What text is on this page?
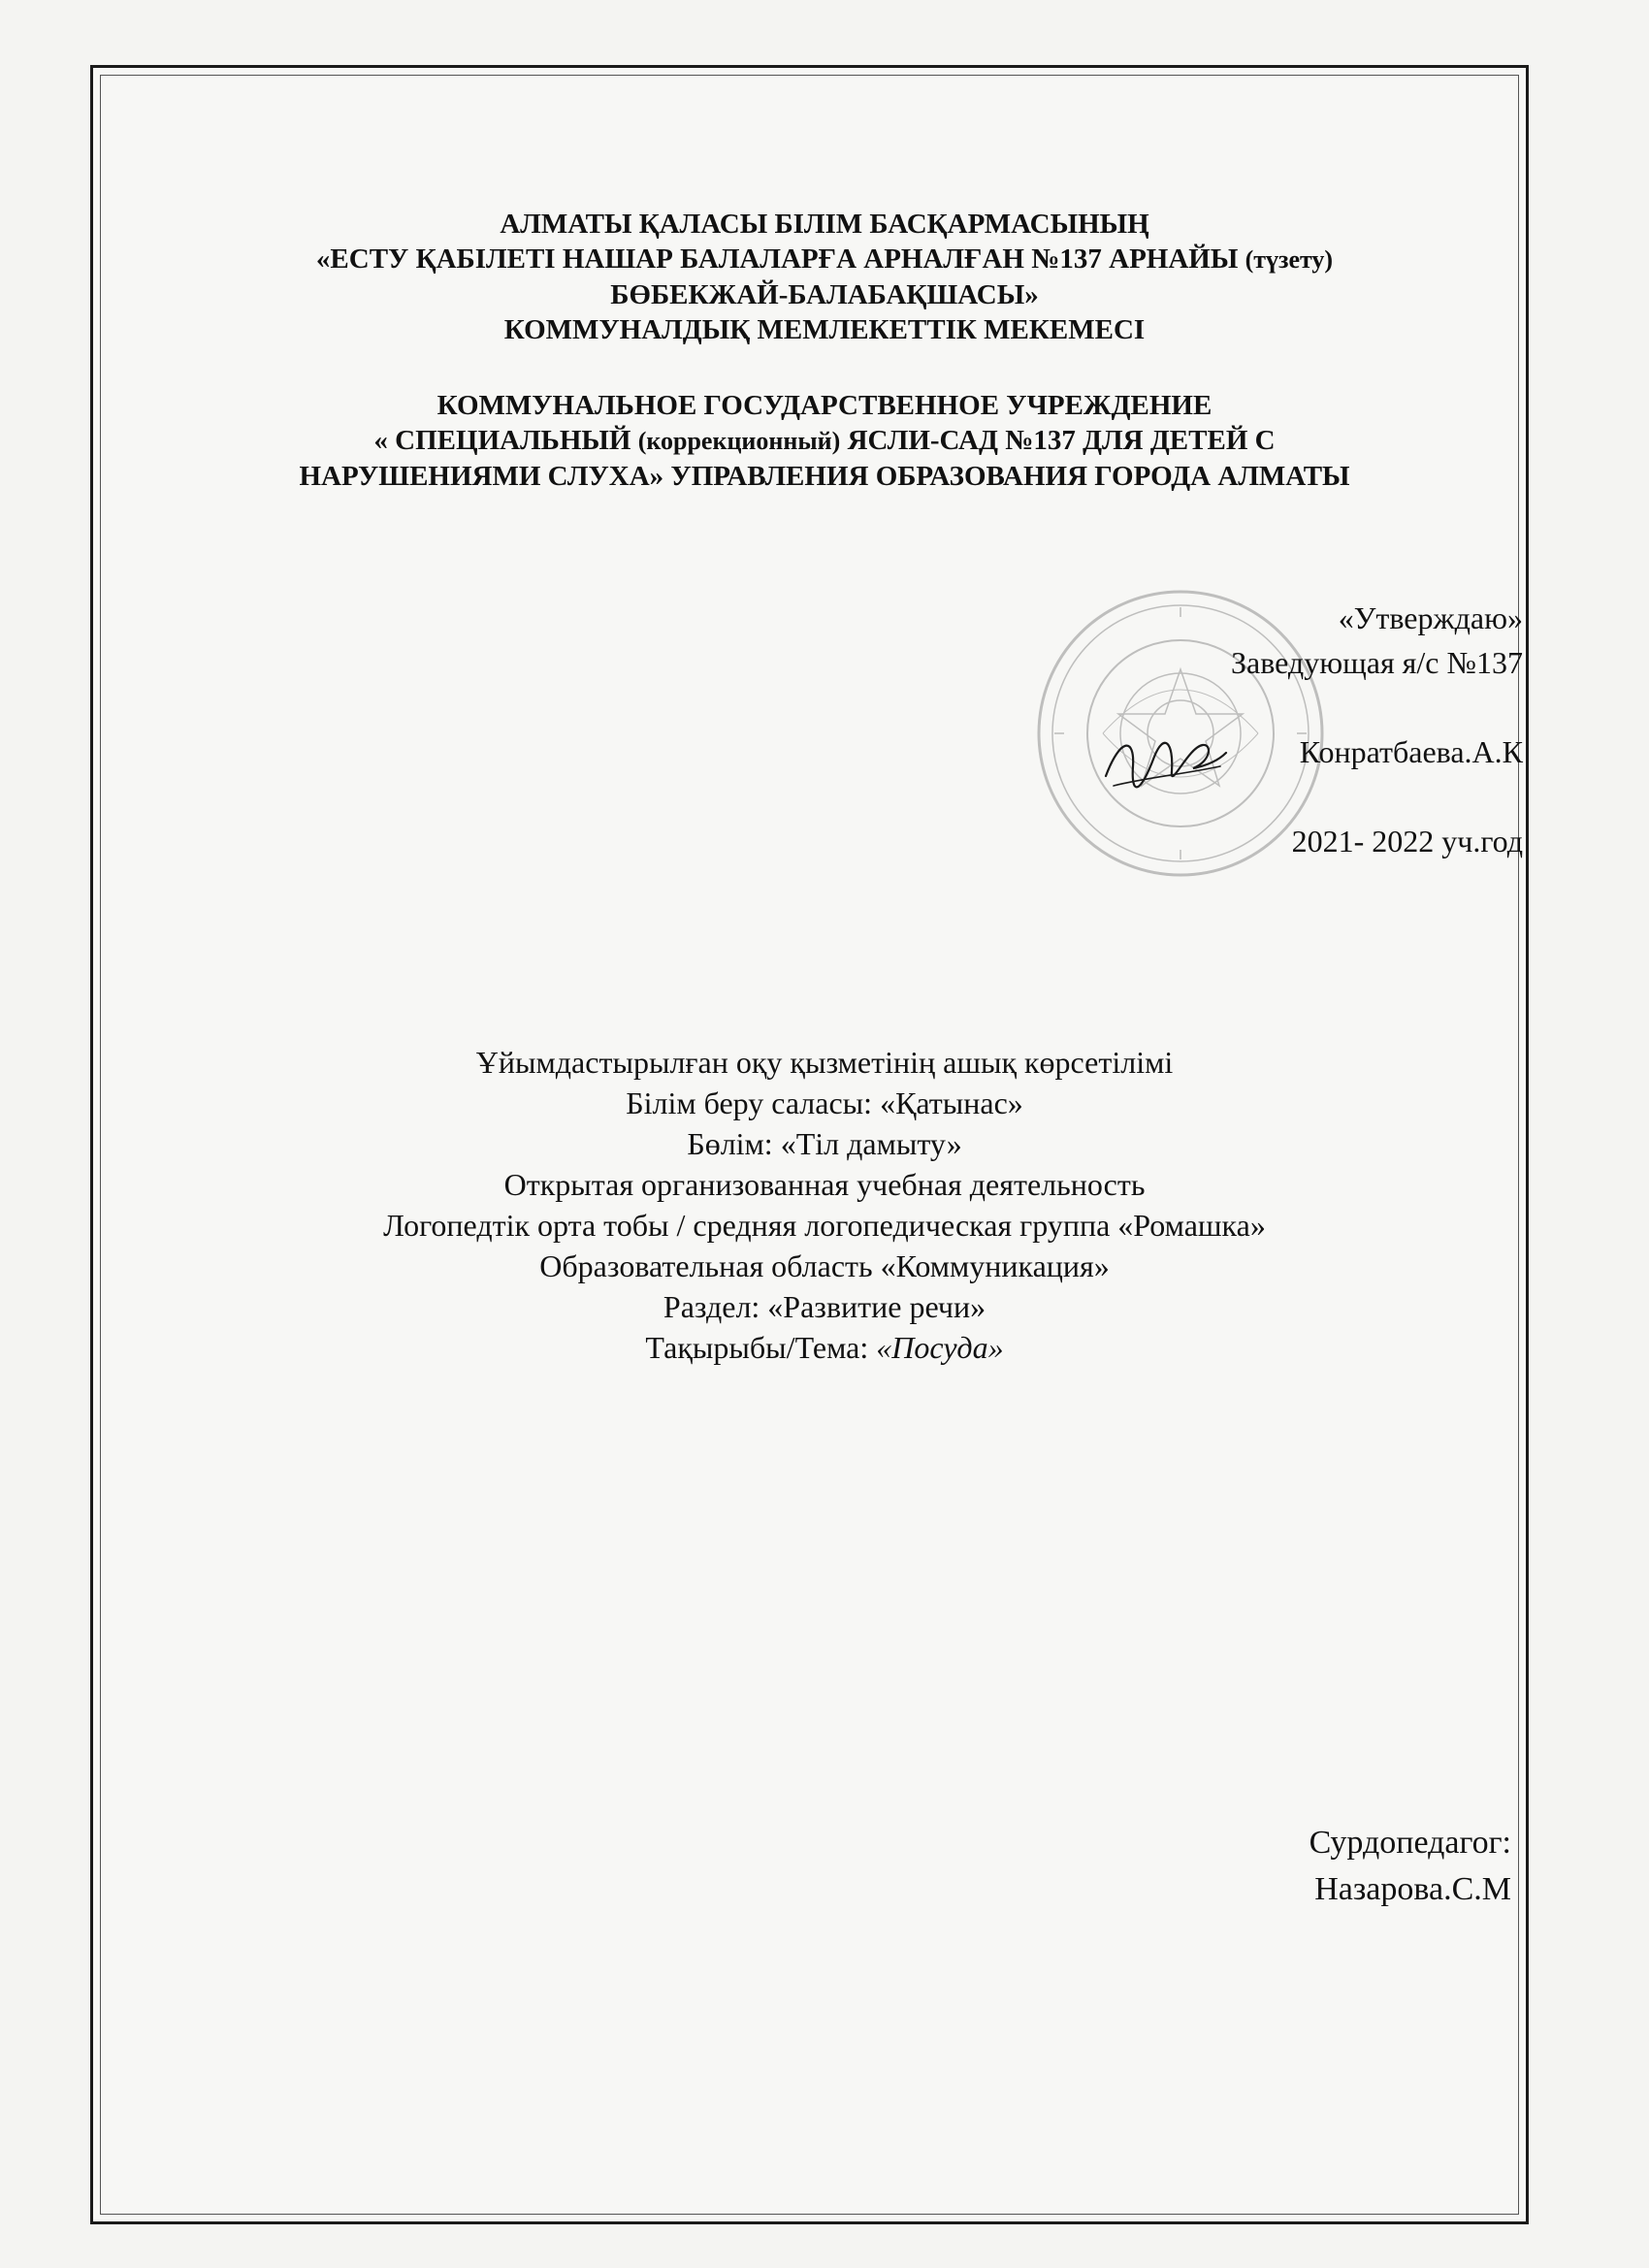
АЛМАТЫ ҚАЛАСЫ БІЛІМ БАСҚАРМАСЫНЫҢ
«ЕСТУ ҚАБІЛЕТІ НАШАР БАЛАЛАРҒА АРНАЛҒАН №137 АРНАЙЫ (түзету)
БӨБЕКЖАЙ-БАЛАБАҚШАСЫ»
КОММУНАЛДЫҚ МЕМЛЕКЕТТІК МЕКЕМЕСІ
КОММУНАЛЬНОЕ ГОСУДАРСТВЕННОЕ УЧРЕЖДЕНИЕ
« СПЕЦИАЛЬНЫЙ (коррекционный) ЯСЛИ-САД №137 ДЛЯ ДЕТЕЙ С
НАРУШЕНИЯМИ СЛУХА» УПРАВЛЕНИЯ ОБРАЗОВАНИЯ ГОРОДА АЛМАТЫ
«Утверждаю»
Заведующая я/с №137
Конратбаева.А.К
2021- 2022 уч.год
Ұйымдастырылған оқу қызметінің ашық көрсетілімі
Білім беру саласы: «Қатынас»
Бөлім: «Тіл дамыту»
Открытая организованная учебная деятельность
Логопедтік орта тобы / средняя логопедическая группа «Ромашка»
Образовательная область «Коммуникация»
Раздел: «Развитие речи»
Тақырыбы/Тема: «Посуда»
Сурдопедагог:
Назарова.С.М
